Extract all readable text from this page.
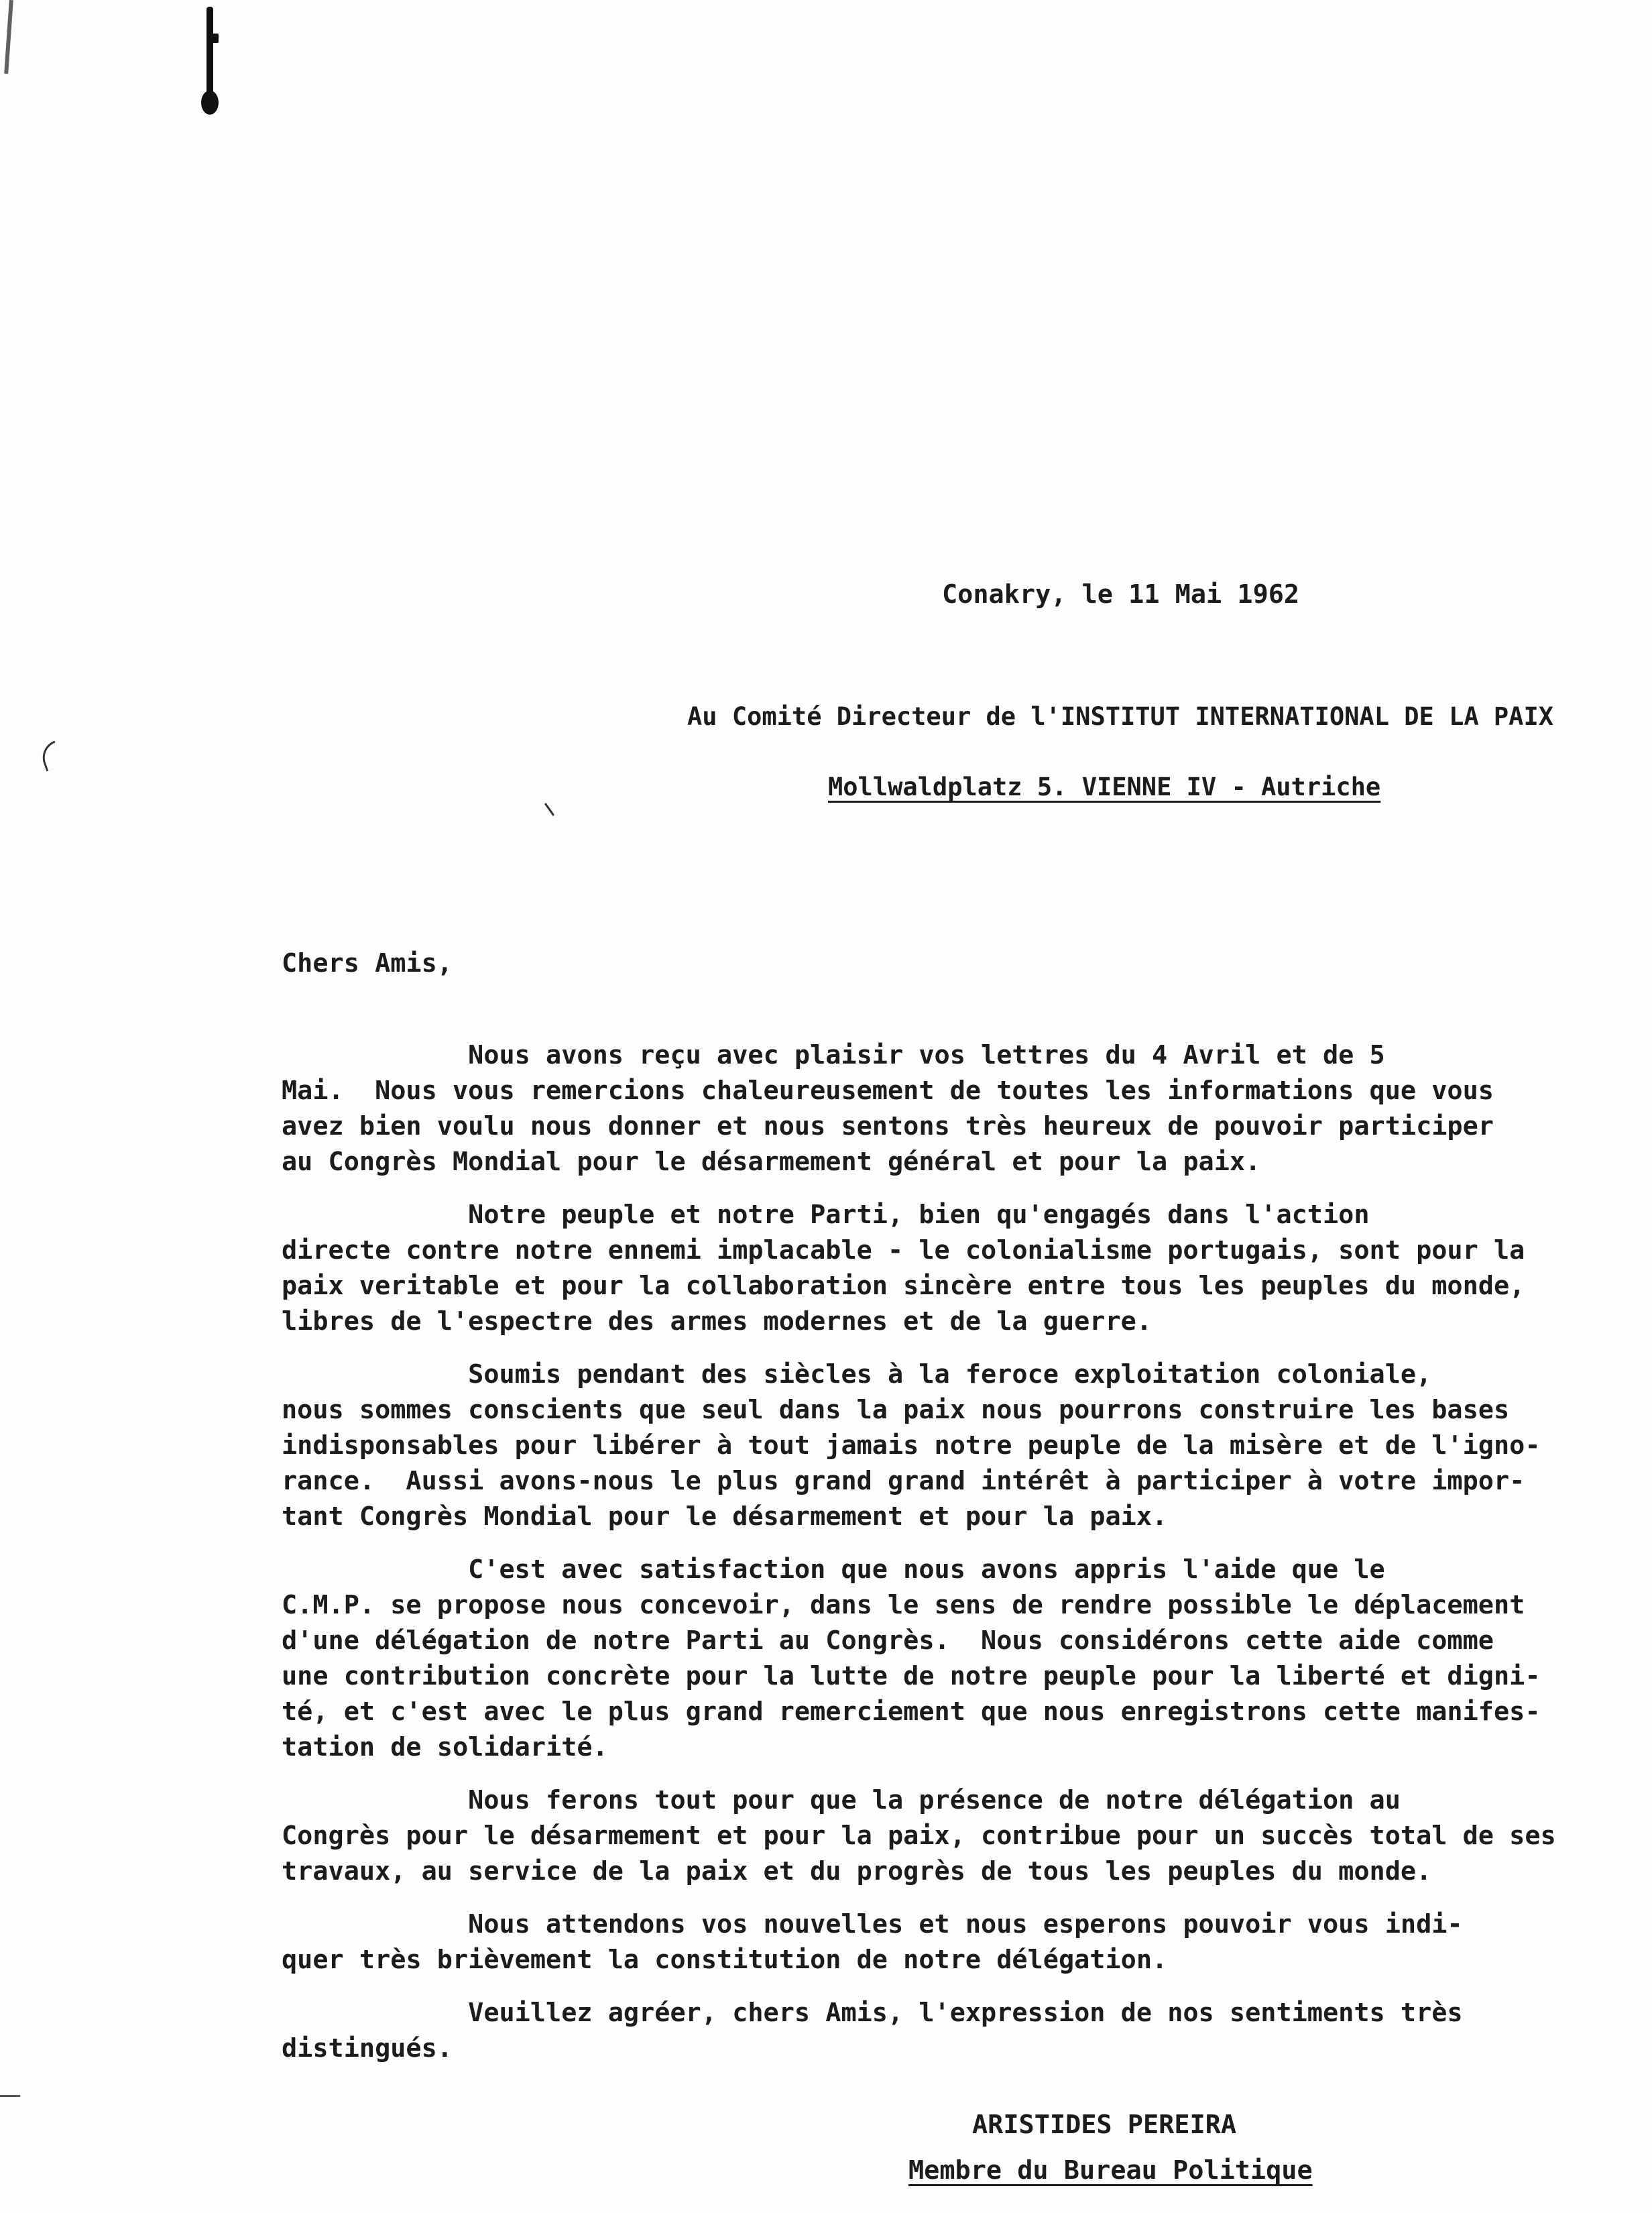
Conakry, le 11 Mai 1962
Au Comité Directeur de l'INSTITUT INTERNATIONAL DE LA PAIX
Mollwaldplatz 5. VIENNE IV - Autriche
Chers Amis,
Nous avons reçu avec plaisir vos lettres du 4 Avril et de 5
Mai.  Nous vous remercions chaleureusement de toutes les informations que vous
avez bien voulu nous donner et nous sentons très heureux de pouvoir participer
au Congrès Mondial pour le désarmement général et pour la paix.
Notre peuple et notre Parti, bien qu'engagés dans l'action
directe contre notre ennemi implacable - le colonialisme portugais, sont pour la
paix veritable et pour la collaboration sincère entre tous les peuples du monde,
libres de l'espectre des armes modernes et de la guerre.
Soumis pendant des siècles à la feroce exploitation coloniale,
nous sommes conscients que seul dans la paix nous pourrons construire les bases
indisponsables pour libérer à tout jamais notre peuple de la misère et de l'igno-
rance.  Aussi avons-nous le plus grand grand intérêt à participer à votre impor-
tant Congrès Mondial pour le désarmement et pour la paix.
C'est avec satisfaction que nous avons appris l'aide que le
C.M.P. se propose nous concevoir, dans le sens de rendre possible le déplacement
d'une délégation de notre Parti au Congrès.  Nous considérons cette aide comme
une contribution concrète pour la lutte de notre peuple pour la liberté et digni-
té, et c'est avec le plus grand remerciement que nous enregistrons cette manifes-
tation de solidarité.
Nous ferons tout pour que la présence de notre délégation au
Congrès pour le désarmement et pour la paix, contribue pour un succès total de ses
travaux, au service de la paix et du progrès de tous les peuples du monde.
Nous attendons vos nouvelles et nous esperons pouvoir vous indi-
quer très brièvement la constitution de notre délégation.
Veuillez agréer, chers Amis, l'expression de nos sentiments très
distingués.
ARISTIDES PEREIRA
Membre du Bureau Politique
